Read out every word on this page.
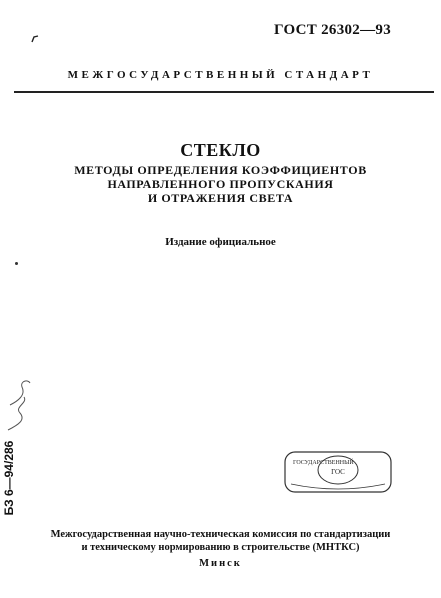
ГОСТ 26302—93
МЕЖГОСУДАРСТВЕННЫЙ СТАНДАРТ
СТЕКЛО
МЕТОДЫ ОПРЕДЕЛЕНИЯ КОЭФФИЦИЕНТОВ
НАПРАВЛЕННОГО ПРОПУСКАНИЯ
И ОТРАЖЕНИЯ СВЕТА
Издание официальное
БЗ 6—94/286	ГОС
ГОСУДАРСТВЕННЫЙ
Межгосударственная научно-техническая комиссия по стандартизации
и техническому нормированию в строительстве (МНТКС)
Минск
